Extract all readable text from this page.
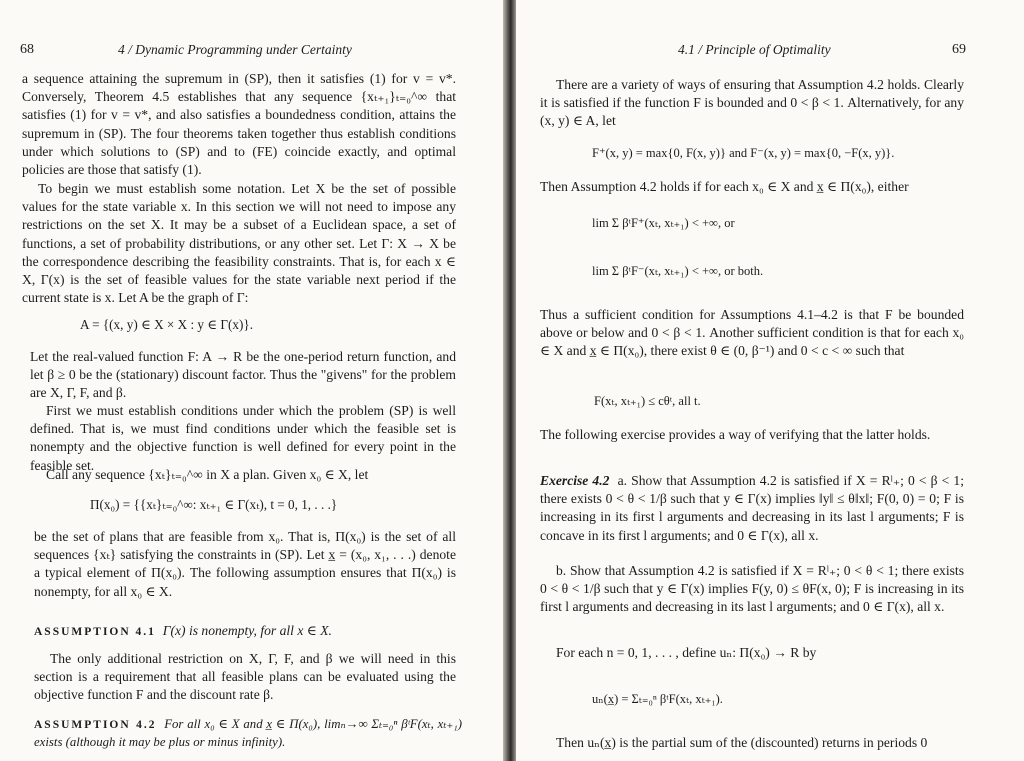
68	4 / Dynamic Programming under Certainty

a sequence attaining the supremum in (SP), then it satisfies (1) for v = v*. Conversely, Theorem 4.5 establishes that any sequence {xₜ₊₁}ₜ₌₀^∞ that satisfies (1) for v = v*, and also satisfies a boundedness condition, attains the supremum in (SP). The four theorems taken together thus establish conditions under which solutions to (SP) and to (FE) coincide exactly, and optimal policies are those that satisfy (1).

To begin we must establish some notation. Let X be the set of possible values for the state variable x. In this section we will not need to impose any restrictions on the set X. It may be a subset of a Euclidean space, a set of functions, a set of probability distributions, or any other set. Let Γ: X → X be the correspondence describing the feasibility constraints. That is, for each x ∈ X, Γ(x) is the set of feasible values for the state variable next period if the current state is x. Let A be the graph of Γ:

A = {(x, y) ∈ X × X : y ∈ Γ(x)}.

Let the real-valued function F: A → R be the one-period return function, and let β ≥ 0 be the (stationary) discount factor. Thus the "givens" for the problem are X, Γ, F, and β.

First we must establish conditions under which the problem (SP) is well defined. That is, we must find conditions under which the feasible set is nonempty and the objective function is well defined for every point in the feasible set.

Call any sequence {xₜ}ₜ₌₀^∞ in X a plan. Given x₀ ∈ X, let

Π(x₀) = {{xₜ}ₜ₌₀^∞: xₜ₊₁ ∈ Γ(xₜ), t = 0, 1, . . .}

be the set of plans that are feasible from x₀. That is, Π(x₀) is the set of all sequences {xₜ} satisfying the constraints in (SP). Let x̲ = (x₀, x₁, . . .) denote a typical element of Π(x₀). The following assumption ensures that Π(x₀) is nonempty, for all x₀ ∈ X.

ASSUMPTION 4.1 Γ(x) is nonempty, for all x ∈ X.

The only additional restriction on X, Γ, F, and β we will need in this section is a requirement that all feasible plans can be evaluated using the objective function F and the discount rate β.

ASSUMPTION 4.2 For all x₀ ∈ X and x̲ ∈ Π(x₀), limₙ→∞ Σₜ₌₀ⁿ βᵗF(xₜ, xₜ₊₁) exists (although it may be plus or minus infinity).
4.1 / Principle of Optimality	69

There are a variety of ways of ensuring that Assumption 4.2 holds. Clearly it is satisfied if the function F is bounded and 0 < β < 1. Alternatively, for any (x, y) ∈ A, let

F⁺(x, y) = max{0, F(x, y)} and F⁻(x, y) = max{0, −F(x, y)}.

Then Assumption 4.2 holds if for each x₀ ∈ X and x̲ ∈ Π(x₀), either

lim Σ βᵗF⁺(xₜ, xₜ₊₁) < +∞, or
lim Σ βᵗF⁻(xₜ, xₜ₊₁) < +∞, or both.

Thus a sufficient condition for Assumptions 4.1–4.2 is that F be bounded above or below and 0 < β < 1. Another sufficient condition is that for each x₀ ∈ X and x̲ ∈ Π(x₀), there exist θ ∈ (0, β⁻¹) and 0 < c < ∞ such that

F(xₜ, xₜ₊₁) ≤ cθᵗ, all t.

The following exercise provides a way of verifying that the latter holds.

Exercise 4.2 a. Show that Assumption 4.2 is satisfied if X = Rˡ₊; 0 < β < 1; there exists 0 < θ < 1/β such that y ∈ Γ(x) implies ‖y‖ ≤ θ‖x‖; F(0, 0) = 0; F is increasing in its first l arguments and decreasing in its last l arguments; F is concave in its first l arguments; and 0 ∈ Γ(x), all x.

b. Show that Assumption 4.2 is satisfied if X = Rˡ₊; 0 < θ < 1; there exists 0 < θ < 1/β such that y ∈ Γ(x) implies F(y, 0) ≤ θF(x, 0); F is increasing in its first l arguments and decreasing in its last l arguments; and 0 ∈ Γ(x), all x.

For each n = 0, 1, . . . , define uₙ: Π(x₀) → R by

uₙ(x̲) = Σₜ₌₀ⁿ βᵗF(xₜ, xₜ₊₁).

Then uₙ(x̲) is the partial sum of the (discounted) returns in periods 0
